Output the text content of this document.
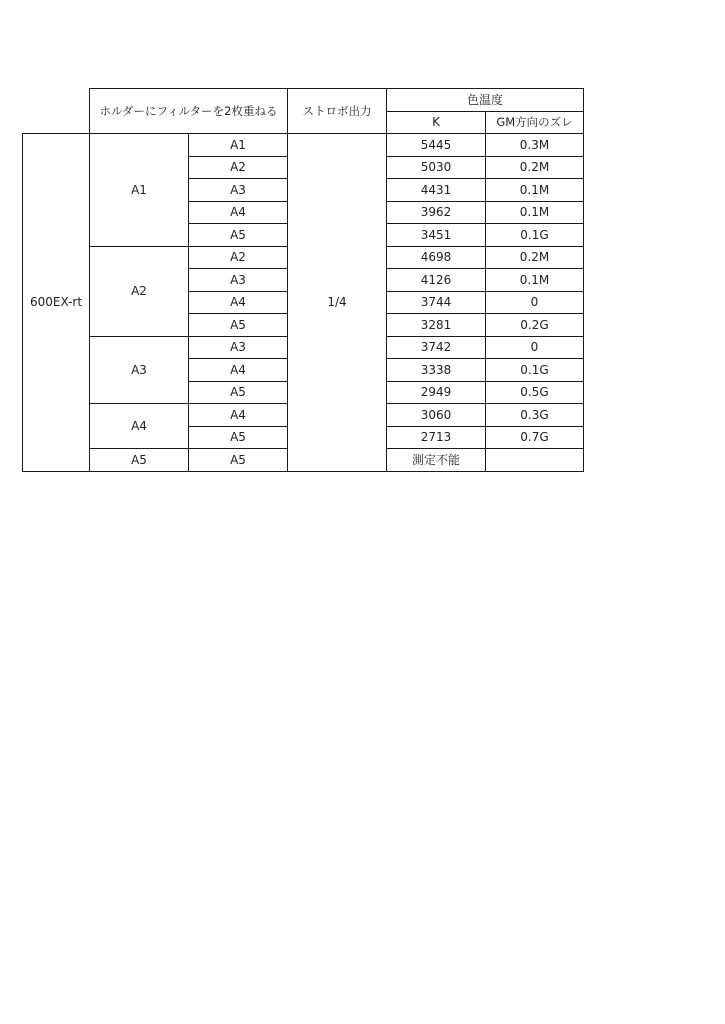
	ホルダーにフィルターを2枚重ねる		ストロボ出力	色温度	
				K	GM方向のズレ
600EX-rt	A1	A1	1/4	5445	0.3M
		A2		5030	0.2M
		A3		4431	0.1M
		A4		3962	0.1M
		A5		3451	0.1G
	A2	A2		4698	0.2M
		A3		4126	0.1M
		A4		3744	0
		A5		3281	0.2G
	A3	A3		3742	0
		A4		3338	0.1G
		A5		2949	0.5G
	A4	A4		3060	0.3G
		A5		2713	0.7G
	A5	A5		測定不能	
